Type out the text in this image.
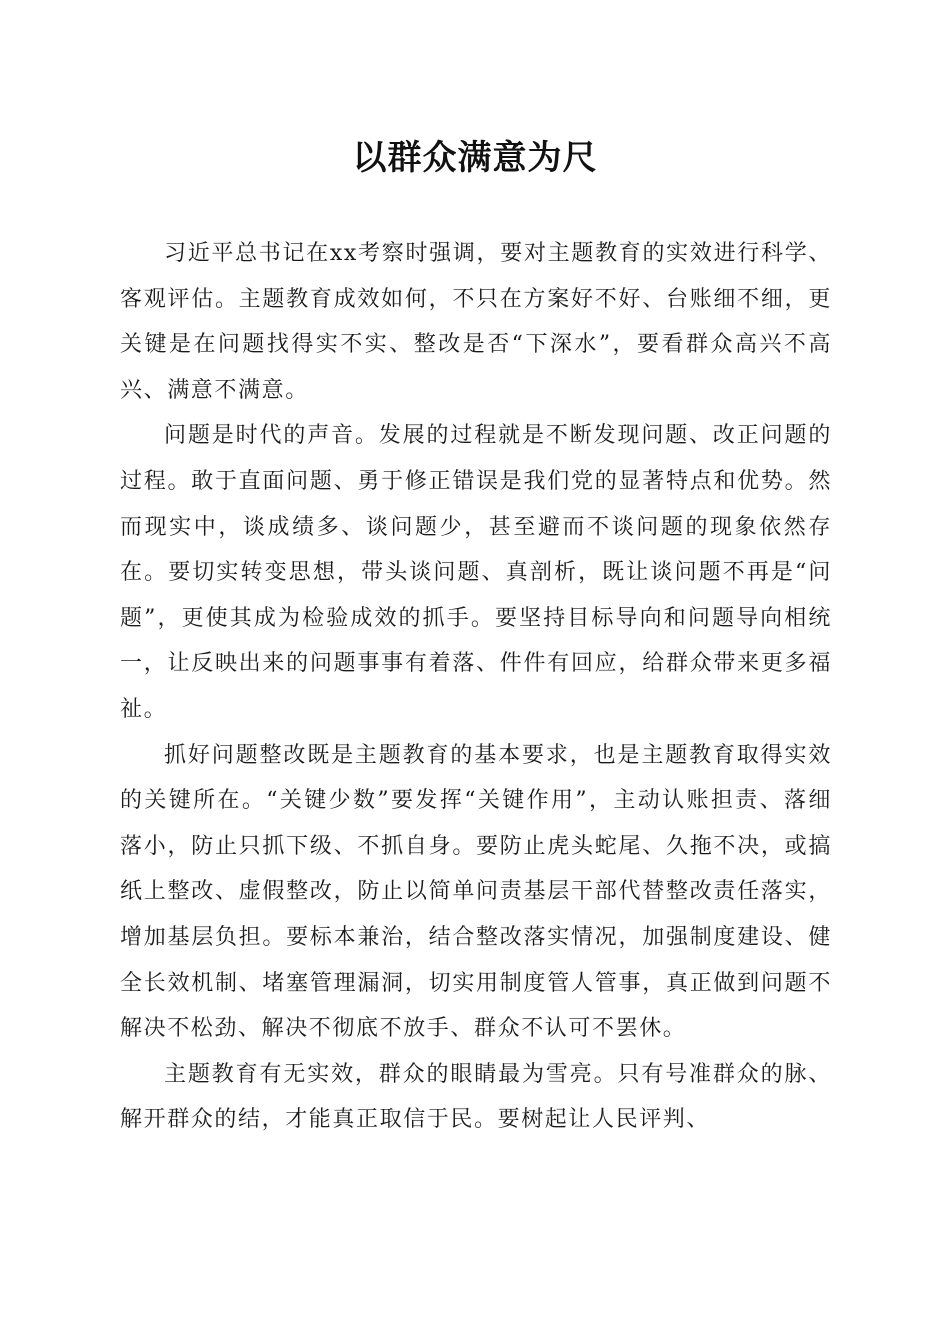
以群众满意为尺

习近平总书记在xx考察时强调，要对主题教育的实效进行科学、客观评估。主题教育成效如何，不只在方案好不好、台账细不细，更关键是在问题找得实不实、整改是否“下深水”，要看群众高兴不高兴、满意不满意。

问题是时代的声音。发展的过程就是不断发现问题、改正问题的过程。敢于直面问题、勇于修正错误是我们党的显著特点和优势。然而现实中，谈成绩多、谈问题少，甚至避而不谈问题的现象依然存在。要切实转变思想，带头谈问题、真剖析，既让谈问题不再是“问题”，更使其成为检验成效的抓手。要坚持目标导向和问题导向相统一，让反映出来的问题事事有着落、件件有回应，给群众带来更多福祉。

抓好问题整改既是主题教育的基本要求，也是主题教育取得实效的关键所在。“关键少数”要发挥“关键作用”，主动认账担责、落细落小，防止只抓下级、不抓自身。要防止虎头蛇尾、久拖不决，或搞纸上整改、虚假整改，防止以简单问责基层干部代替整改责任落实，增加基层负担。要标本兼治，结合整改落实情况，加强制度建设、健全长效机制、堵塞管理漏洞，切实用制度管人管事，真正做到问题不解决不松劲、解决不彻底不放手、群众不认可不罢休。

主题教育有无实效，群众的眼睛最为雪亮。只有号准群众的脉、解开群众的结，才能真正取信于民。要树起让人民评判、
